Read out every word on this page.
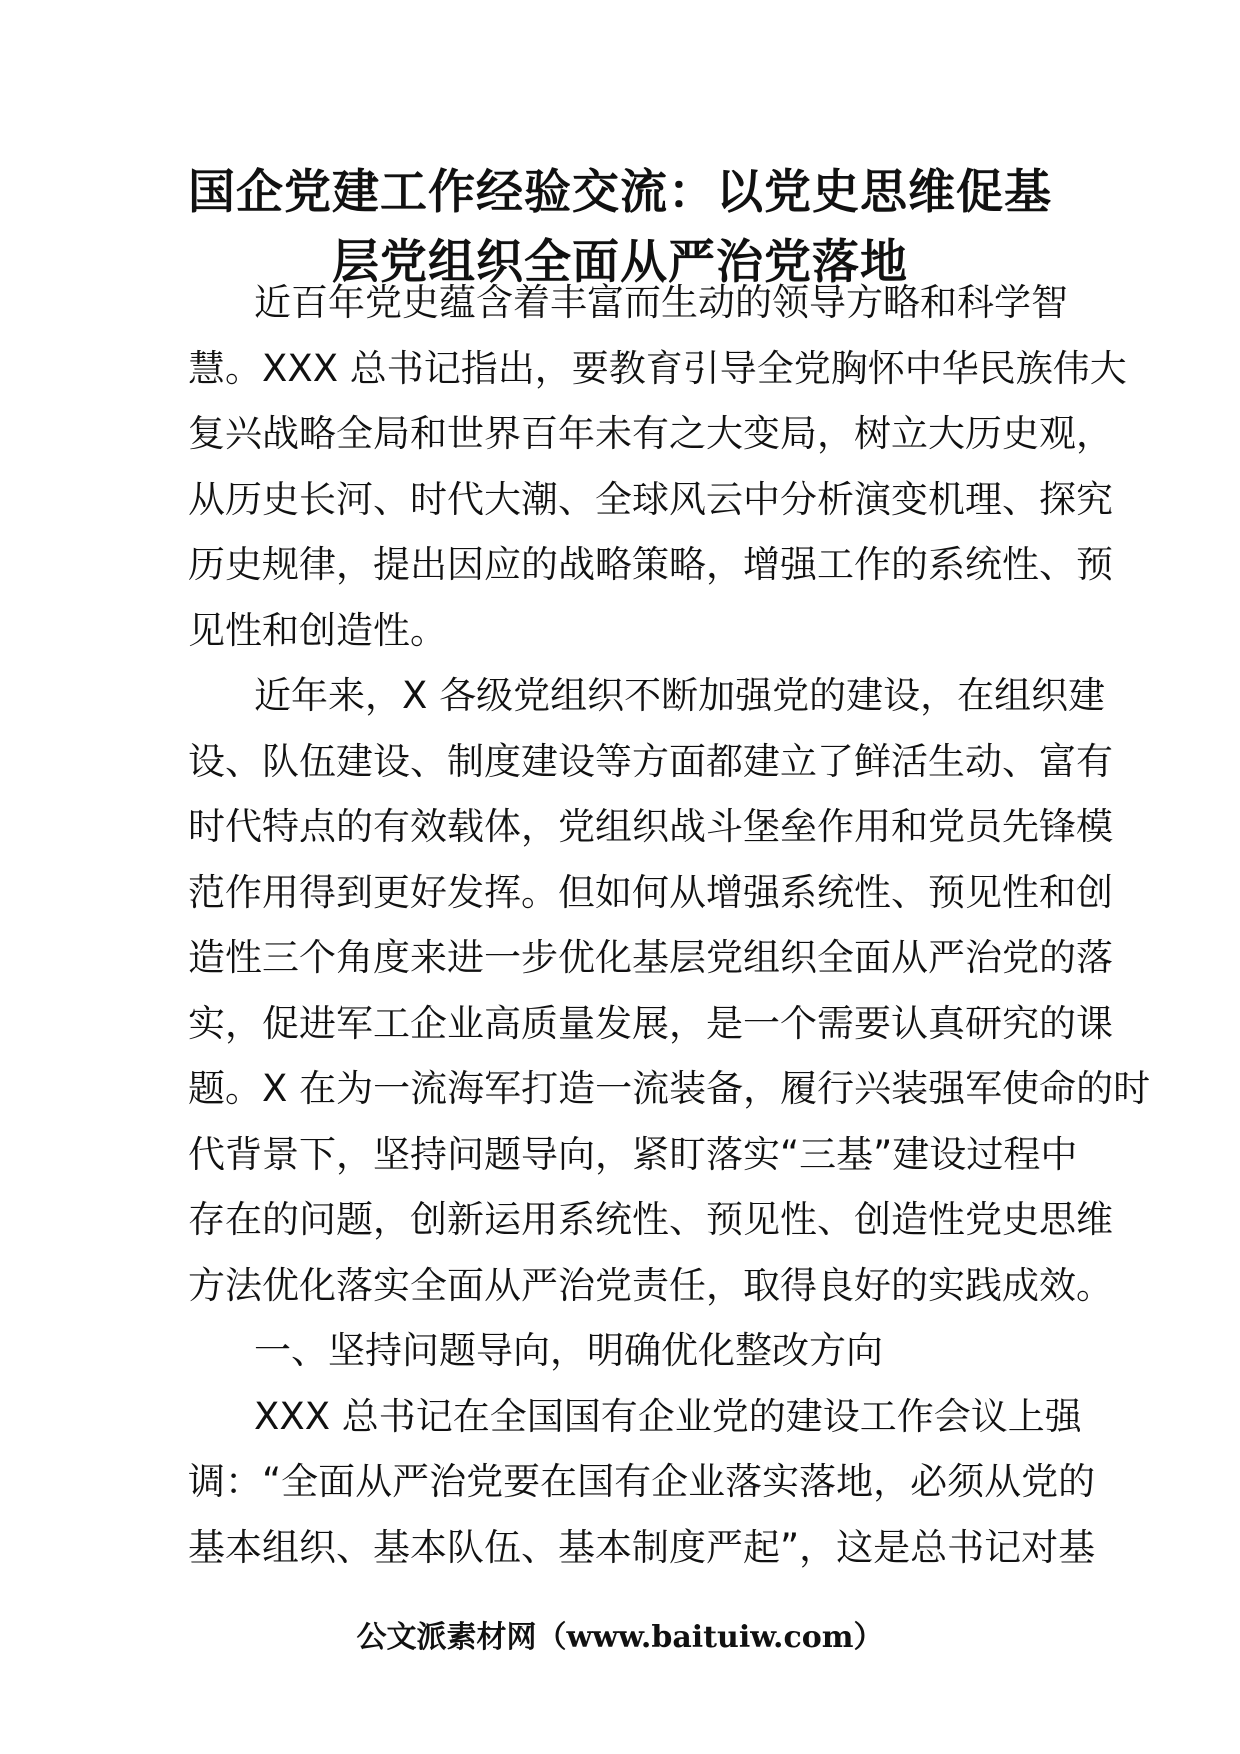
国企党建工作经验交流：以党史思维促基
层党组织全面从严治党落地
近百年党史蕴含着丰富而生动的领导方略和科学智
慧。XXX 总书记指出，要教育引导全党胸怀中华民族伟大
复兴战略全局和世界百年未有之大变局，树立大历史观，
从历史长河、时代大潮、全球风云中分析演变机理、探究
历史规律，提出因应的战略策略，增强工作的系统性、预
见性和创造性。
近年来，X 各级党组织不断加强党的建设，在组织建
设、队伍建设、制度建设等方面都建立了鲜活生动、富有
时代特点的有效载体，党组织战斗堡垒作用和党员先锋模
范作用得到更好发挥。但如何从增强系统性、预见性和创
造性三个角度来进一步优化基层党组织全面从严治党的落
实，促进军工企业高质量发展，是一个需要认真研究的课
题。X 在为一流海军打造一流装备，履行兴装强军使命的时
代背景下，坚持问题导向，紧盯落实“三基”建设过程中
存在的问题，创新运用系统性、预见性、创造性党史思维
方法优化落实全面从严治党责任，取得良好的实践成效。
一、坚持问题导向，明确优化整改方向
XXX 总书记在全国国有企业党的建设工作会议上强
调：“全面从严治党要在国有企业落实落地，必须从党的
基本组织、基本队伍、基本制度严起”，这是总书记对基
公文派素材网（www.baituiw.com）
